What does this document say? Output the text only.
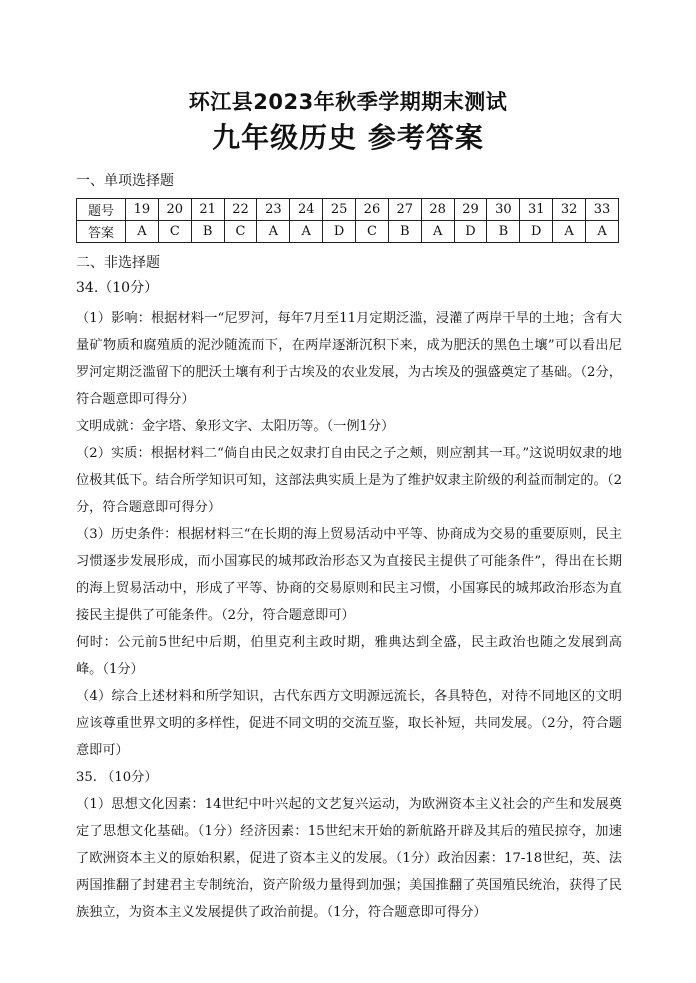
环江县2023年秋季学期期末测试
九年级历史 参考答案
一、单项选择题
题号	19	20	21	22	23	24	25	26	27	28	29	30	31	32	33
答案	A	C	B	C	A	A	D	C	B	A	D	B	D	A	A
二、非选择题
34.（10分）

（1）影响：根据材料一“尼罗河，每年7月至11月定期泛滥，浸灌了两岸干旱的土地；含有大量矿物质和腐殖质的泥沙随流而下，在两岸逐渐沉积下来，成为肥沃的黑色土壤”可以看出尼罗河定期泛滥留下的肥沃土壤有利于古埃及的农业发展，为古埃及的强盛奠定了基础。（2分，符合题意即可得分）

文明成就：金字塔、象形文字、太阳历等。（一例1分）

（2）实质：根据材料二“倘自由民之奴隶打自由民之子之颊，则应割其一耳。”这说明奴隶的地位极其低下。结合所学知识可知，这部法典实质上是为了维护奴隶主阶级的利益而制定的。（2分，符合题意即可得分）

（3）历史条件：根据材料三“在长期的海上贸易活动中平等、协商成为交易的重要原则，民主习惯逐步发展形成，而小国寡民的城邦政治形态又为直接民主提供了可能条件”，得出在长期的海上贸易活动中，形成了平等、协商的交易原则和民主习惯，小国寡民的城邦政治形态为直接民主提供了可能条件。（2分，符合题意即可）

何时：公元前5世纪中后期，伯里克利主政时期，雅典达到全盛，民主政治也随之发展到高峰。（1分）

（4）综合上述材料和所学知识，古代东西方文明源远流长，各具特色，对待不同地区的文明应该尊重世界文明的多样性，促进不同文明的交流互鉴，取长补短，共同发展。（2分，符合题意即可）

35. （10分）

（1）思想文化因素：14世纪中叶兴起的文艺复兴运动，为欧洲资本主义社会的产生和发展奠定了思想文化基础。（1分）经济因素：15世纪末开始的新航路开辟及其后的殖民掠夺，加速了欧洲资本主义的原始积累，促进了资本主义的发展。（1分）政治因素：17-18世纪，英、法两国推翻了封建君主专制统治，资产阶级力量得到加强；美国推翻了英国殖民统治，获得了民族独立，为资本主义发展提供了政治前提。（1分，符合题意即可得分）
